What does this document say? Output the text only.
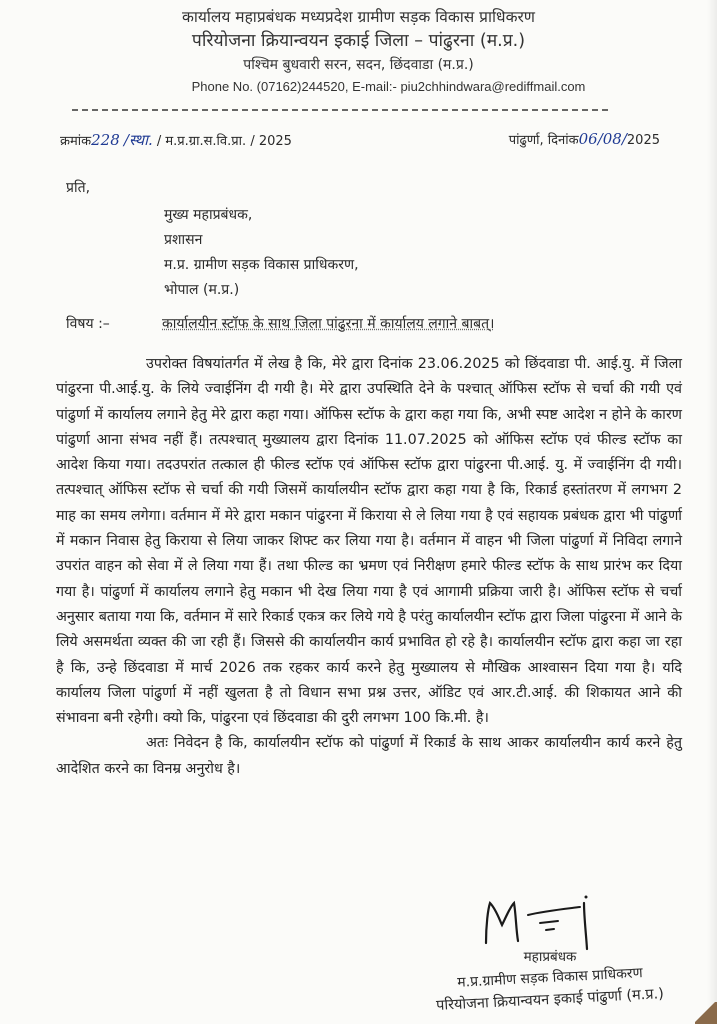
कार्यालय महाप्रबंधक मध्यप्रदेश ग्रामीण सड़क विकास प्राधिकरण
परियोजना क्रियान्वयन इकाई जिला – पांढुरना (म.प्र.)
पश्चिम बुधवारी सरन, सदन, छिंदवाडा (म.प्र.)
Phone No. (07162)244520, E-mail:- piu2chhindwara@rediffmail.com
क्रमांक228 /स्था. / म.प्र.ग्रा.स.वि.प्रा. / 2025	पांढुर्णा, दिनांक06/08/2025
प्रति,
मुख्य महाप्रबंधक,
प्रशासन
म.प्र. ग्रामीण सड़क विकास प्राधिकरण,
भोपाल (म.प्र.)
विषय :–	कार्यालयीन स्टॉफ के साथ जिला पांढुरना में कार्यालय लगाने बाबत्।

उपरोक्त विषयांतर्गत में लेख है कि, मेरे द्वारा दिनांक 23.06.2025 को छिंदवाडा पी. आई.यु. में जिला पांढुरना पी.आई.यु. के लिये ज्वाईनिंग दी गयी है। मेरे द्वारा उपस्थिति देने के पश्चात् ऑफिस स्टॉफ से चर्चा की गयी एवं पांढुर्णा में कार्यालय लगाने हेतु मेरे द्वारा कहा गया। ऑफिस स्टॉफ के द्वारा कहा गया कि, अभी स्पष्ट आदेश न होने के कारण पांढुर्णा आना संभव नहीं हैं। तत्पश्चात् मुख्यालय द्वारा दिनांक 11.07.2025 को ऑफिस स्टॉफ एवं फील्ड स्टॉफ का आदेश किया गया। तदउपरांत तत्काल ही फील्ड स्टॉफ एवं ऑफिस स्टॉफ द्वारा पांढुरना पी.आई. यु. में ज्वाईनिंग दी गयी। तत्पश्चात् ऑफिस स्टॉफ से चर्चा की गयी जिसमें कार्यालयीन स्टॉफ द्वारा कहा गया है कि, रिकार्ड हस्तांतरण में लगभग 2 माह का समय लगेगा। वर्तमान में मेरे द्वारा मकान पांढुरना में किराया से ले लिया गया है एवं सहायक प्रबंधक द्वारा भी पांढुर्णा में मकान निवास हेतु किराया से लिया जाकर शिफ्ट कर लिया गया है। वर्तमान में वाहन भी जिला पांढुर्णा में निविदा लगाने उपरांत वाहन को सेवा में ले लिया गया हैं। तथा फील्ड का भ्रमण एवं निरीक्षण हमारे फील्ड स्टॉफ के साथ प्रारंभ कर दिया गया है। पांढुर्णा में कार्यालय लगाने हेतु मकान भी देख लिया गया है एवं आगामी प्रक्रिया जारी है। ऑफिस स्टॉफ से चर्चा अनुसार बताया गया कि, वर्तमान में सारे रिकार्ड एकत्र कर लिये गये है परंतु कार्यालयीन स्टॉफ द्वारा जिला पांढुरना में आने के लिये असमर्थता व्यक्त की जा रही हैं। जिससे की कार्यालयीन कार्य प्रभावित हो रहे है। कार्यालयीन स्टॉफ द्वारा कहा जा रहा है कि, उन्हे छिंदवाडा में मार्च 2026 तक रहकर कार्य करने हेतु मुख्यालय से मौखिक आश्वासन दिया गया है। यदि कार्यालय जिला पांढुर्णा में नहीं खुलता है तो विधान सभा प्रश्न उत्तर, ऑडिट एवं आर.टी.आई. की शिकायत आने की संभावना बनी रहेगी। क्यो कि, पांढुरना एवं छिंदवाडा की दुरी लगभग 100 कि.मी. है।

अतः निवेदन है कि, कार्यालयीन स्टॉफ को पांढुर्णा में रिकार्ड के साथ आकर कार्यालयीन कार्य करने हेतु आदेशित करने का विनम्र अनुरोध है।

महाप्रबंधक
म.प्र.ग्रामीण सड़क विकास प्राधिकरण
परियोजना क्रियान्वयन इकाई पांढुर्णा (म.प्र.)
